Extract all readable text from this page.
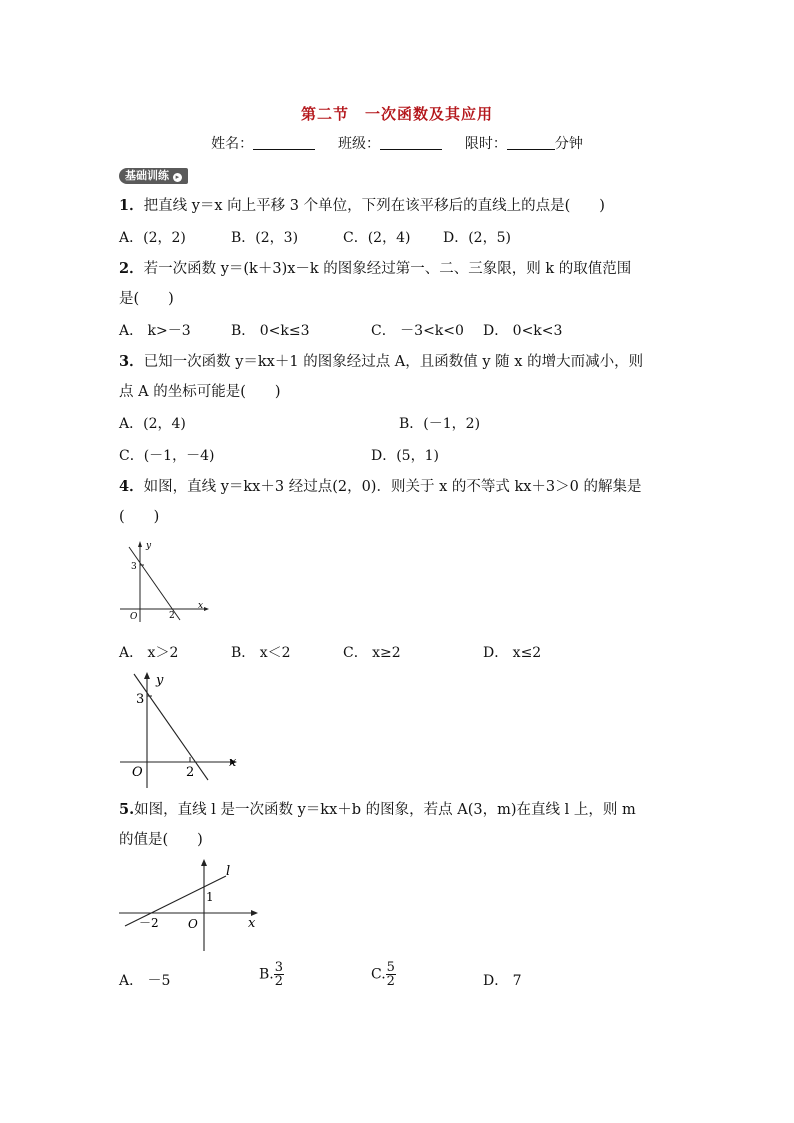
第二节　一次函数及其应用
姓名：	班级：	限时：	分钟
基础训练 ▸
1．把直线 y＝x 向上平移 3 个单位，下列在该平移后的直线上的点是(　　)
A．(2，2)	B．(2，3)	C．(2，4) D．(2，5)
2．若一次函数 y＝(k＋3)x－k 的图象经过第一、二、三象限，则 k 的取值范围
是(　　)
A． k>－3	B． 0<k≤3	C． －3<k<0 D． 0<k<3
3．已知一次函数 y＝kx＋1 的图象经过点 A，且函数值 y 随 x 的增大而减小，则
点 A 的坐标可能是(　　)
A．(2，4)	B．(－1，2)
C．(－1，－4)	D．(5，1)
4．如图，直线 y＝kx＋3 经过点(2，0)．则关于 x 的不等式 kx＋3＞0 的解集是
(　　)
y
x
3
2
O
A． x＞2	B． x＜2	C． x≥2	D． x≤2
y
x
3
2
O
5.如图，直线 l 是一次函数 y＝kx＋b 的图象，若点 A(3，m)在直线 l 上，则 m
的值是(　　)
l
x
1
－2 O
A． －5	B. $\frac{3}{2}$	C. $\frac{5}{2}$	D． 7
